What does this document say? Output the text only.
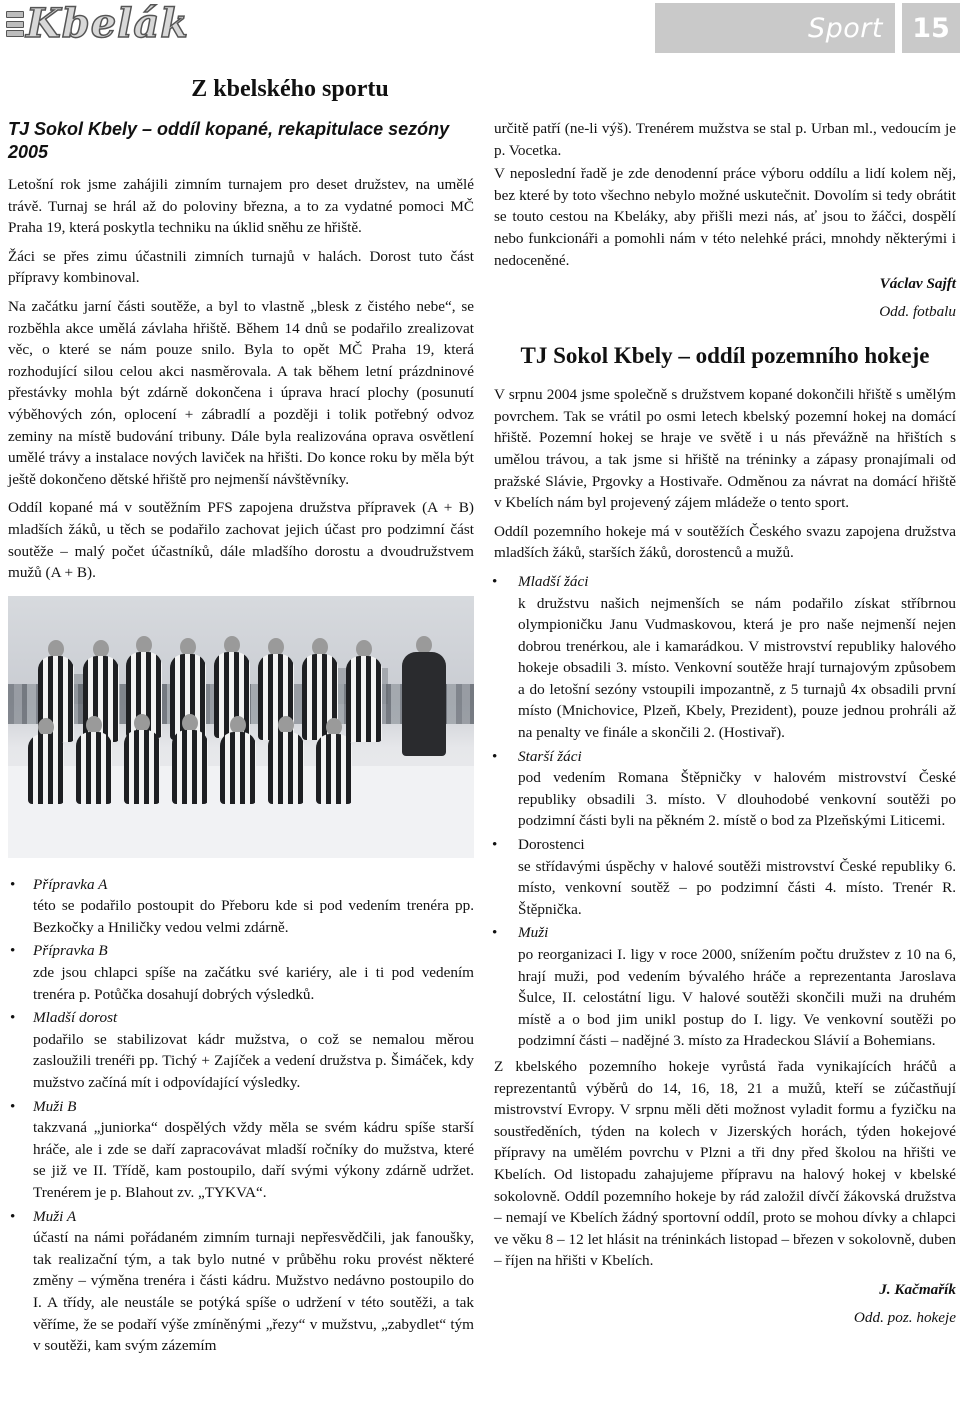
Kbelák	Sport 15
Z kbelského sportu
TJ Sokol Kbely – oddíl kopané, rekapitulace sezóny 2005

Letošní rok jsme zahájili zimním turnajem pro deset družstev, na umělé trávě. Turnaj se hrál až do poloviny března, a to za vydatné pomoci MČ Praha 19, která poskytla techniku na úklid sněhu ze hřiště.

Žáci se přes zimu účastnili zimních turnajů v halách. Dorost tuto část přípravy kombinoval.

Na začátku jarní části soutěže, a byl to vlastně „blesk z čistého nebe“, se rozběhla akce umělá závlaha hřiště. Během 14 dnů se podařilo zrealizovat věc, o které se nám pouze snilo. Byla to opět MČ Praha 19, která rozhodující silou celou akci nasměrovala. A tak během letní prázdninové přestávky mohla být zdárně dokončena i úprava hrací plochy (posunutí výběhových zón, oplocení + zábradlí a později i tolik potřebný odvoz zeminy na místě budování tribuny. Dále byla realizována oprava osvětlení umělé trávy a instalace nových laviček na hřišti. Do konce roku by měla být ještě dokončeno dětské hřiště pro nejmenší návštěvníky.

Oddíl kopané má v soutěžním PFS zapojena družstva přípravek (A + B) mladších žáků, u těch se podařilo zachovat jejich účast pro podzimní část soutěže – malý počet účastníků, dále mladšího dorostu a dvoudružstvem mužů (A + B).

• Přípravka A
této se podařilo postoupit do Přeboru kde si pod vedením trenéra pp. Bezkočky a Hniličky vedou velmi zdárně.
• Přípravka B
zde jsou chlapci spíše na začátku své kariéry, ale i ti pod vedením trenéra p. Potůčka dosahují dobrých výsledků.
• Mladší dorost
podařilo se stabilizovat kádr mužstva, o což se nemalou měrou zasloužili trenéři pp. Tichý + Zajíček a vedení družstva p. Šimáček, kdy mužstvo začíná mít i odpovídající výsledky.
• Muži B
takzvaná „juniorka“ dospělých vždy měla se svém kádru spíše starší hráče, ale i zde se daří zapracovávat mladší ročníky do mužstva, které se již ve II. Třídě, kam postoupilo, daří svými výkony zdárně udržet. Trenérem je p. Blahout zv. „TYKVA“.
• Muži A
účastí na námi pořádaném zimním turnaji nepřesvědčili, jak fanoušky, tak realizační tým, a tak bylo nutné v průběhu roku provést některé změny – výměna trenéra i části kádru. Mužstvo nedávno postoupilo do I. A třídy, ale neustále se potýká spíše o udržení v této soutěži, a tak věříme, že se podaří výše zmíněnými „řezy“ v mužstvu, „zabydlet“ tým v soutěži, kam svým zázemím

určitě patří (ne-li výš). Trenérem mužstva se stal p. Urban ml., vedoucím je p. Vocetka.

V neposlední řadě je zde denodenní práce výboru oddílu a lidí kolem něj, bez které by toto všechno nebylo možné uskutečnit. Dovolím si tedy obrátit se touto cestou na Kbeláky, aby přišli mezi nás, ať jsou to žáčci, dospělí nebo funkcionáři a pomohli nám v této nelehké práci, mnohdy některými i nedoceněné.

Václav Sajft

Odd. fotbalu

TJ Sokol Kbely – oddíl pozemního hokeje

V srpnu 2004 jsme společně s družstvem kopané dokončili hřiště s umělým povrchem. Tak se vrátil po osmi letech kbelský pozemní hokej na domácí hřiště. Pozemní hokej se hraje ve světě i u nás převážně na hřištích s umělou trávou, a tak jsme si hřiště na tréninky a zápasy pronajímali od pražské Slávie, Prgovky a Hostivaře. Odměnou za návrat na domácí hřiště v Kbelích nám byl projevený zájem mládeže o tento sport.

Oddíl pozemního hokeje má v soutěžích Českého svazu zapojena družstva mladších žáků, starších žáků, dorostenců a mužů.

• Mladší žáci
k družstvu našich nejmenších se nám podařilo získat stříbrnou olympioničku Janu Vudmaskovou, která je pro naše nejmenší nejen dobrou trenérkou, ale i kamarádkou. V mistrovství republiky halového hokeje obsadili 3. místo. Venkovní soutěže hrají turnajovým způsobem a do letošní sezóny vstoupili impozantně, z 5 turnajů 4x obsadili první místo (Mnichovice, Plzeň, Kbely, Prezident), pouze jednou prohráli až na penalty ve finále a skončili 2. (Hostivař).
• Starší žáci
pod vedením Romana Štěpničky v halovém mistrovství České republiky obsadili 3. místo. V dlouhodobé venkovní soutěži po podzimní části byli na pěkném 2. místě o bod za Plzeňskými Liticemi.
• Dorostenci
se střídavými úspěchy v halové soutěži mistrovství České republiky 6. místo, venkovní soutěž – po podzimní části 4. místo. Trenér R. Štěpnička.
• Muži
po reorganizaci I. ligy v roce 2000, snížením počtu družstev z 10 na 6, hrají muži, pod vedením bývalého hráče a reprezentanta Jaroslava Šulce, II. celostátní ligu. V halové soutěži skončili muži na druhém místě a o bod jim unikl postup do I. ligy. Ve venkovní soutěži po podzimní části – nadějné 3. místo za Hradeckou Slávií a Bohemians.

Z kbelského pozemního hokeje vyrůstá řada vynikajících hráčů a reprezentantů výběrů do 14, 16, 18, 21 a mužů, kteří se zúčastňují mistrovství Evropy. V srpnu měli děti možnost vyladit formu a fyzičku na soustředěních, týden na kolech v Jizerských horách, týden hokejové přípravy na umělém povrchu v Plzni a tři dny před školou na hřišti ve Kbelích. Od listopadu zahajujeme přípravu na halový hokej v kbelské sokolovně. Oddíl pozemního hokeje by rád založil dívčí žákovská družstva – nemají ve Kbelích žádný sportovní oddíl, proto se mohou dívky a chlapci ve věku 8 – 12 let hlásit na tréninkách listopad – březen v sokolovně, duben – říjen na hřišti v Kbelích.

J. Kačmařík

Odd. poz. hokeje
